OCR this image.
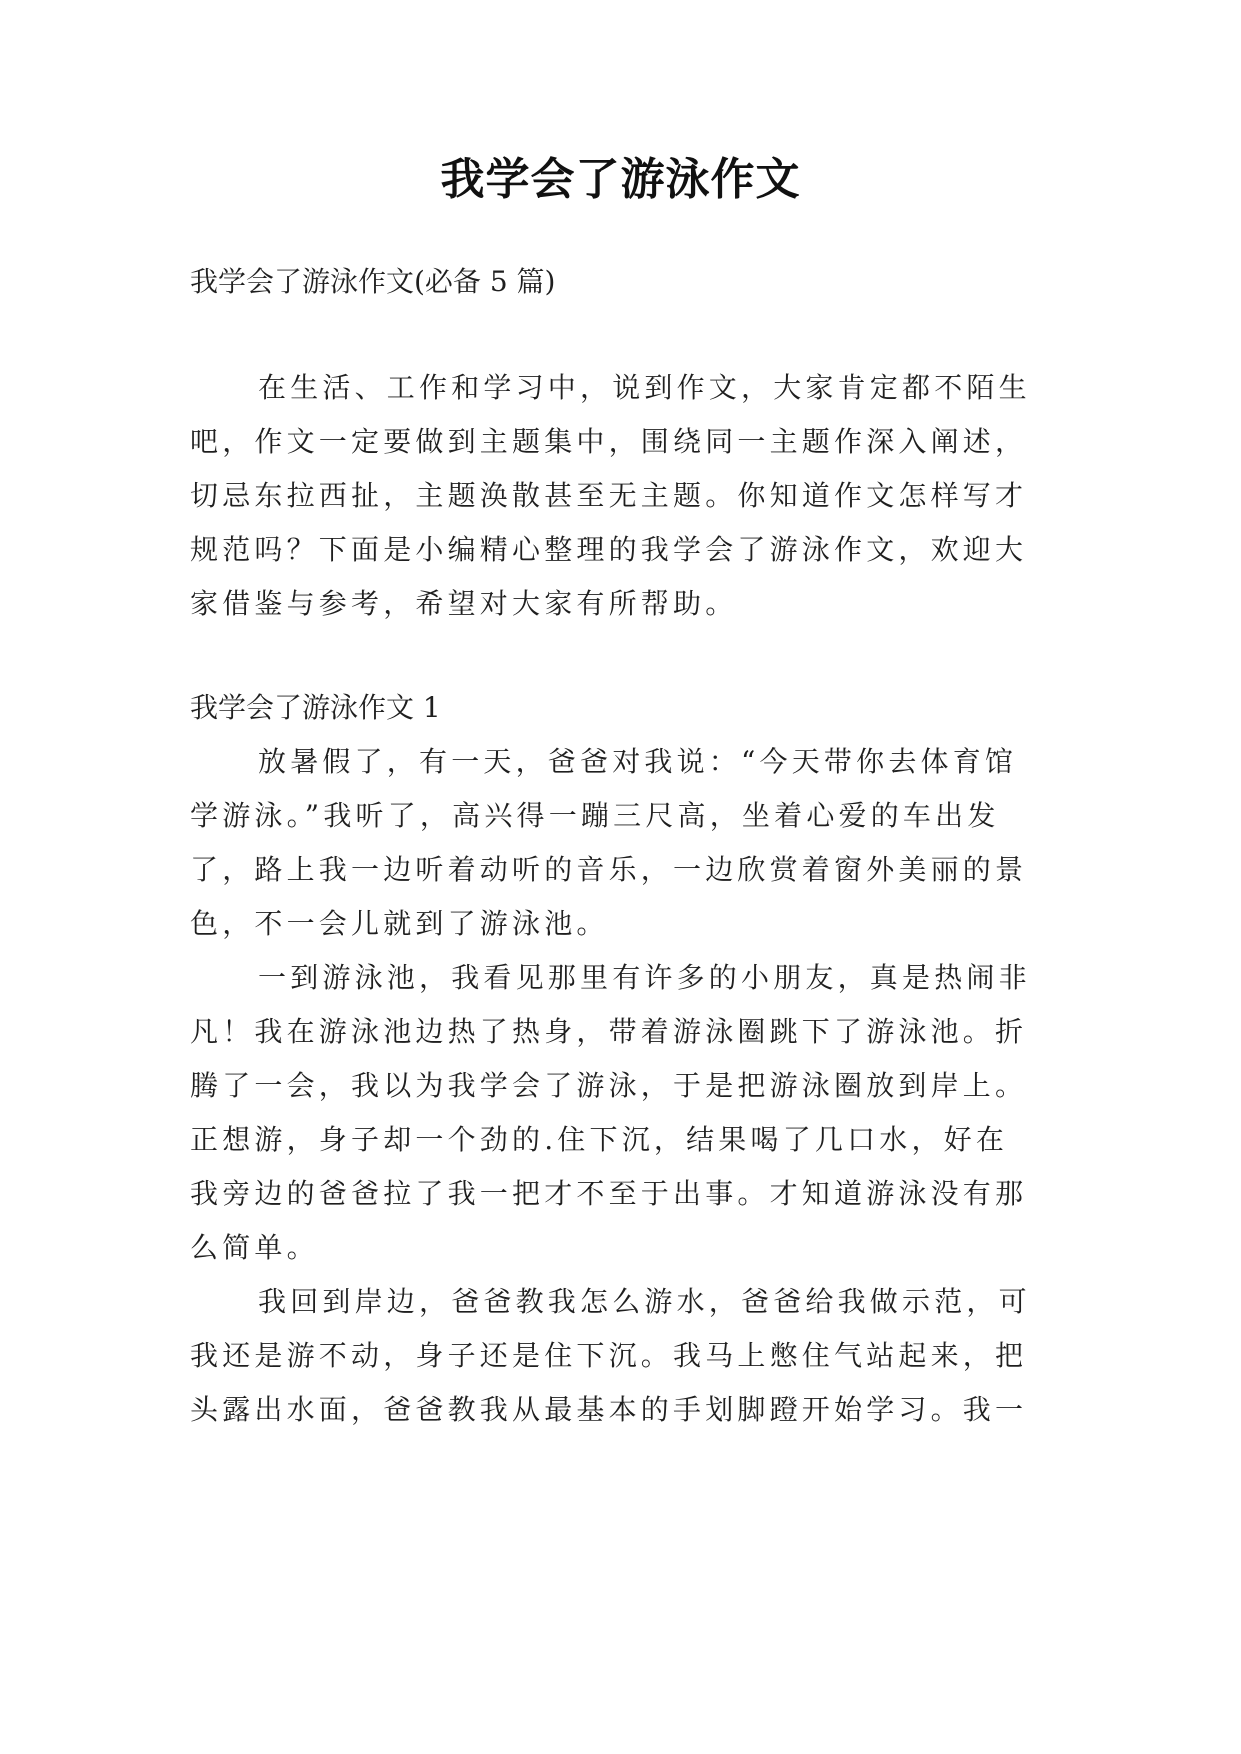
我学会了游泳作文

我学会了游泳作文(必备 5 篇)

在生活、工作和学习中，说到作文，大家肯定都不陌生

吧，作文一定要做到主题集中，围绕同一主题作深入阐述，

切忌东拉西扯，主题涣散甚至无主题。你知道作文怎样写才

规范吗？下面是小编精心整理的我学会了游泳作文，欢迎大

家借鉴与参考，希望对大家有所帮助。

我学会了游泳作文 1

放暑假了，有一天，爸爸对我说：“今天带你去体育馆

学游泳。”我听了，高兴得一蹦三尺高，坐着心爱的车出发

了，路上我一边听着动听的音乐，一边欣赏着窗外美丽的景

色，不一会儿就到了游泳池。

一到游泳池，我看见那里有许多的小朋友，真是热闹非

凡！我在游泳池边热了热身，带着游泳圈跳下了游泳池。折

腾了一会，我以为我学会了游泳，于是把游泳圈放到岸上。

正想游，身子却一个劲的.住下沉，结果喝了几口水，好在

我旁边的爸爸拉了我一把才不至于出事。才知道游泳没有那

么简单。

我回到岸边，爸爸教我怎么游水，爸爸给我做示范，可

我还是游不动，身子还是住下沉。我马上憋住气站起来，把

头露出水面，爸爸教我从最基本的手划脚蹬开始学习。我一
